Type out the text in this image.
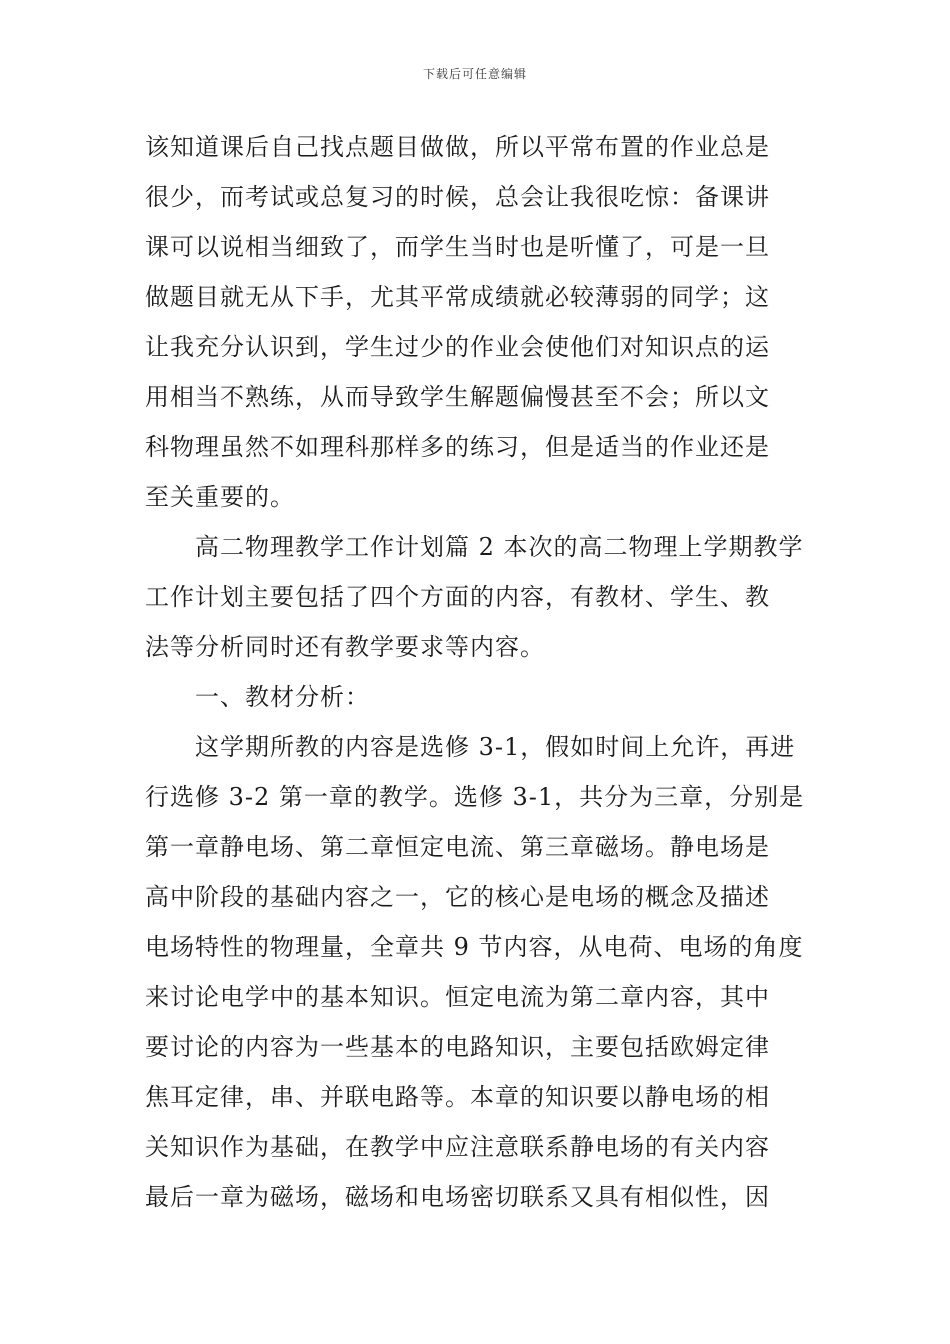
下载后可任意编辑
该知道课后自己找点题目做做，所以平常布置的作业总是
很少，而考试或总复习的时候，总会让我很吃惊：备课讲
课可以说相当细致了，而学生当时也是听懂了，可是一旦
做题目就无从下手，尤其平常成绩就必较薄弱的同学；这
让我充分认识到，学生过少的作业会使他们对知识点的运
用相当不熟练，从而导致学生解题偏慢甚至不会；所以文
科物理虽然不如理科那样多的练习，但是适当的作业还是
至关重要的。
高二物理教学工作计划篇 2 本次的高二物理上学期教学
工作计划主要包括了四个方面的内容，有教材、学生、教
法等分析同时还有教学要求等内容。
一、教材分析：
这学期所教的内容是选修 3-1，假如时间上允许，再进
行选修 3-2 第一章的教学。选修 3-1，共分为三章，分别是
第一章静电场、第二章恒定电流、第三章磁场。静电场是
高中阶段的基础内容之一，它的核心是电场的概念及描述
电场特性的物理量，全章共 9 节内容，从电荷、电场的角度
来讨论电学中的基本知识。恒定电流为第二章内容，其中
要讨论的内容为一些基本的电路知识，主要包括欧姆定律
焦耳定律，串、并联电路等。本章的知识要以静电场的相
关知识作为基础，在教学中应注意联系静电场的有关内容
最后一章为磁场，磁场和电场密切联系又具有相似性，因
